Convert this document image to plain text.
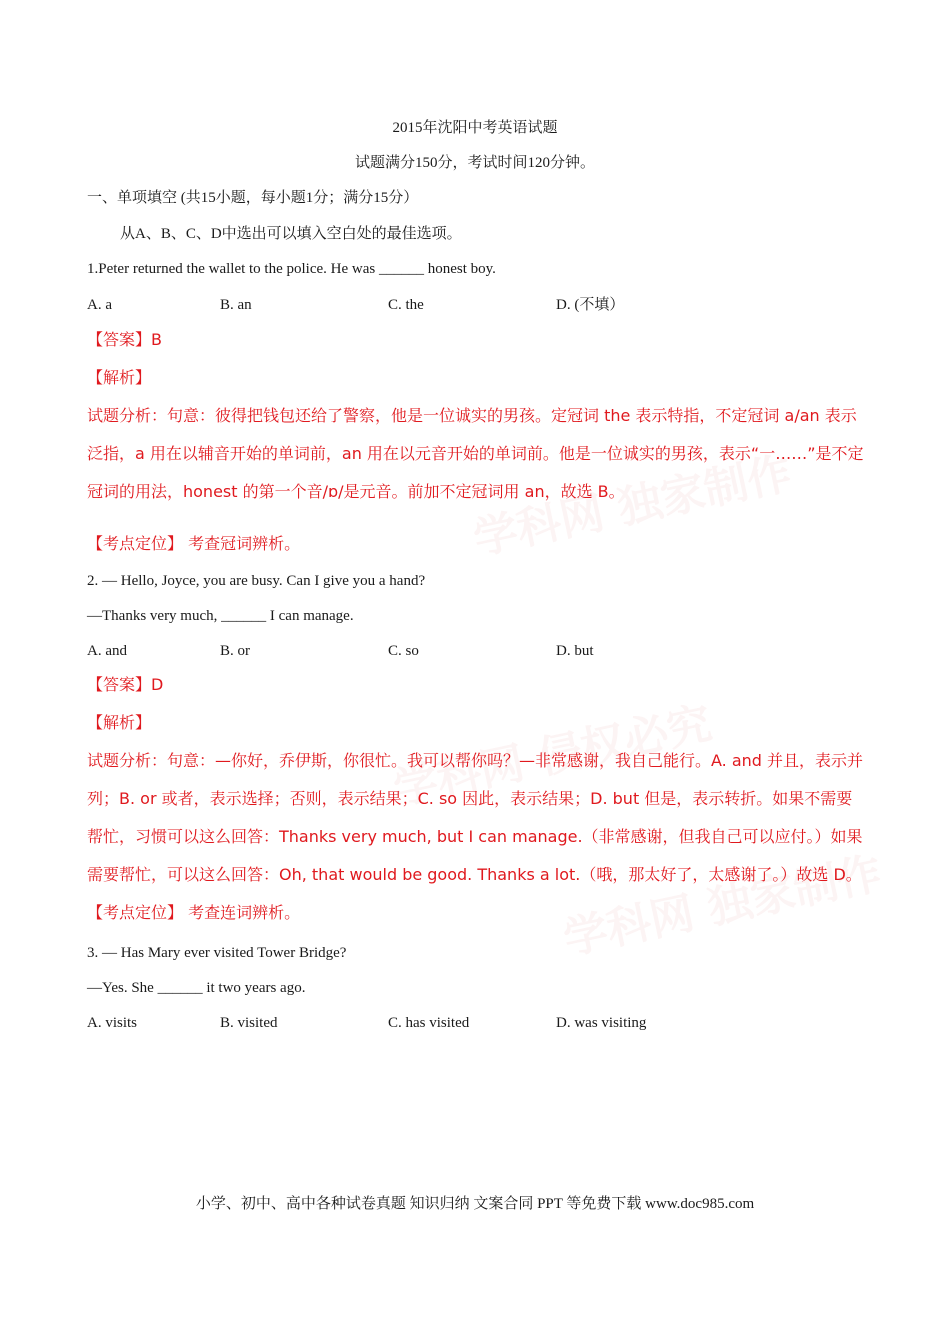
学科网 独家制作
学科网 侵权必究
学科网 独家制作
2015年沈阳中考英语试题
试题满分150分，考试时间120分钟。
一、单项填空 (共15小题，每小题1分；满分15分）
从A、B、C、D中选出可以填入空白处的最佳选项。
1.Peter returned the wallet to the police. He was ______ honest boy.
A. a	B. an	C. the	D. (不填）
【答案】B
【解析】
试题分析：句意：彼得把钱包还给了警察，他是一位诚实的男孩。定冠词 the 表示特指，不定冠词 a/an 表示泛指，a 用在以辅音开始的单词前，an 用在以元音开始的单词前。他是一位诚实的男孩，表示“一……”是不定冠词的用法，honest 的第一个音/ɒ/是元音。前加不定冠词用 an，故选 B。
【考点定位】 考查冠词辨析。
2. — Hello, Joyce, you are busy. Can I give you a hand?
—Thanks very much, ______ I can manage.
A. and	B. or	C. so	D. but
【答案】D
【解析】
试题分析：句意：—你好，乔伊斯，你很忙。我可以帮你吗？—非常感谢，我自己能行。A. and 并且，表示并列；B. or 或者，表示选择；否则，表示结果；C. so 因此，表示结果；D. but 但是，表示转折。如果不需要帮忙，习惯可以这么回答：Thanks very much, but I can manage.（非常感谢，但我自己可以应付。）如果需要帮忙，可以这么回答：Oh, that would be good. Thanks a lot.（哦，那太好了，太感谢了。）故选 D。
【考点定位】 考查连词辨析。
3. — Has Mary ever visited Tower Bridge?
—Yes. She ______ it two years ago.
A. visits	B. visited	C. has visited	D. was visiting
小学、初中、高中各种试卷真题 知识归纳 文案合同 PPT 等免费下载 www.doc985.com
